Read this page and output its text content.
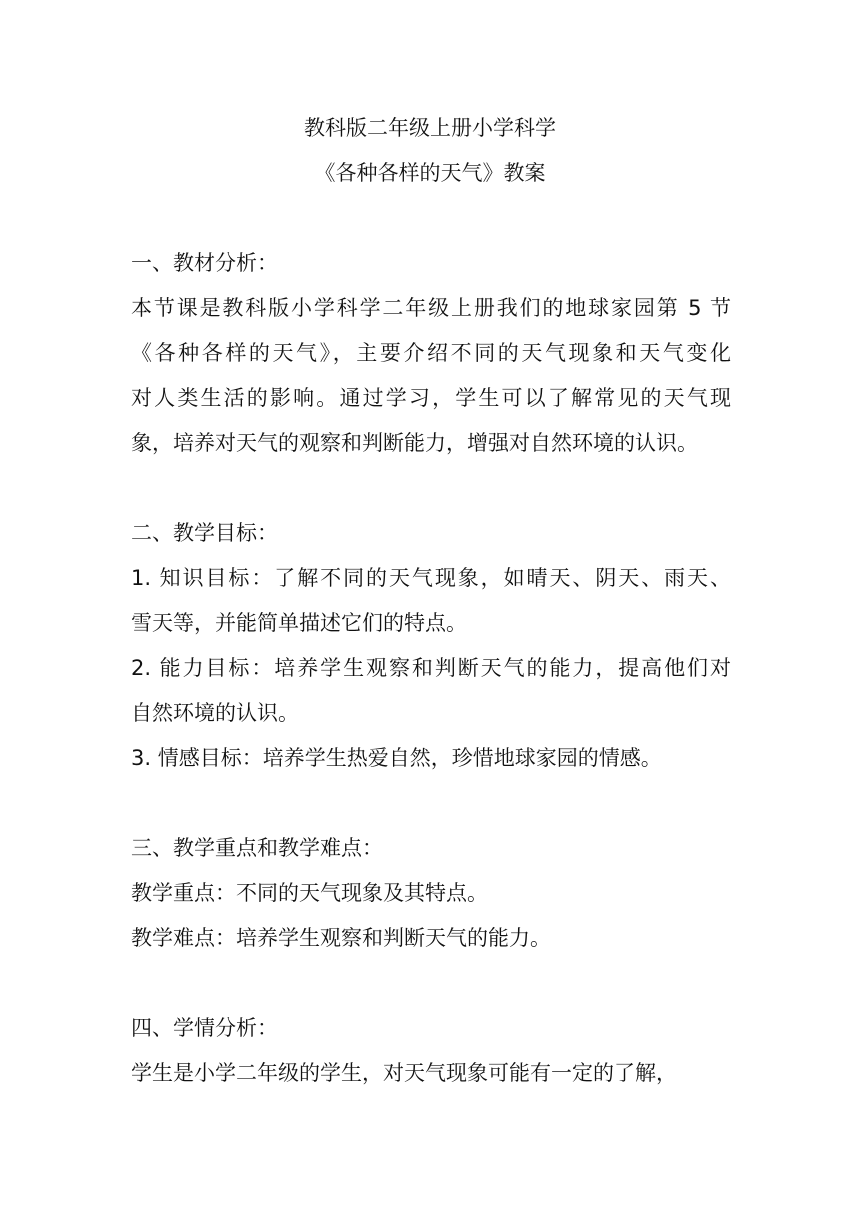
教科版二年级上册小学科学
《各种各样的天气》教案
一、教材分析：
本节课是教科版小学科学二年级上册我们的地球家园第 5 节
《各种各样的天气》，主要介绍不同的天气现象和天气变化
对人类生活的影响。通过学习，学生可以了解常见的天气现
象，培养对天气的观察和判断能力，增强对自然环境的认识。
二、教学目标：
1. 知识目标：了解不同的天气现象，如晴天、阴天、雨天、
雪天等，并能简单描述它们的特点。
2. 能力目标：培养学生观察和判断天气的能力，提高他们对
自然环境的认识。
3. 情感目标：培养学生热爱自然，珍惜地球家园的情感。
三、教学重点和教学难点：
教学重点：不同的天气现象及其特点。
教学难点：培养学生观察和判断天气的能力。
四、学情分析：
学生是小学二年级的学生，对天气现象可能有一定的了解，
